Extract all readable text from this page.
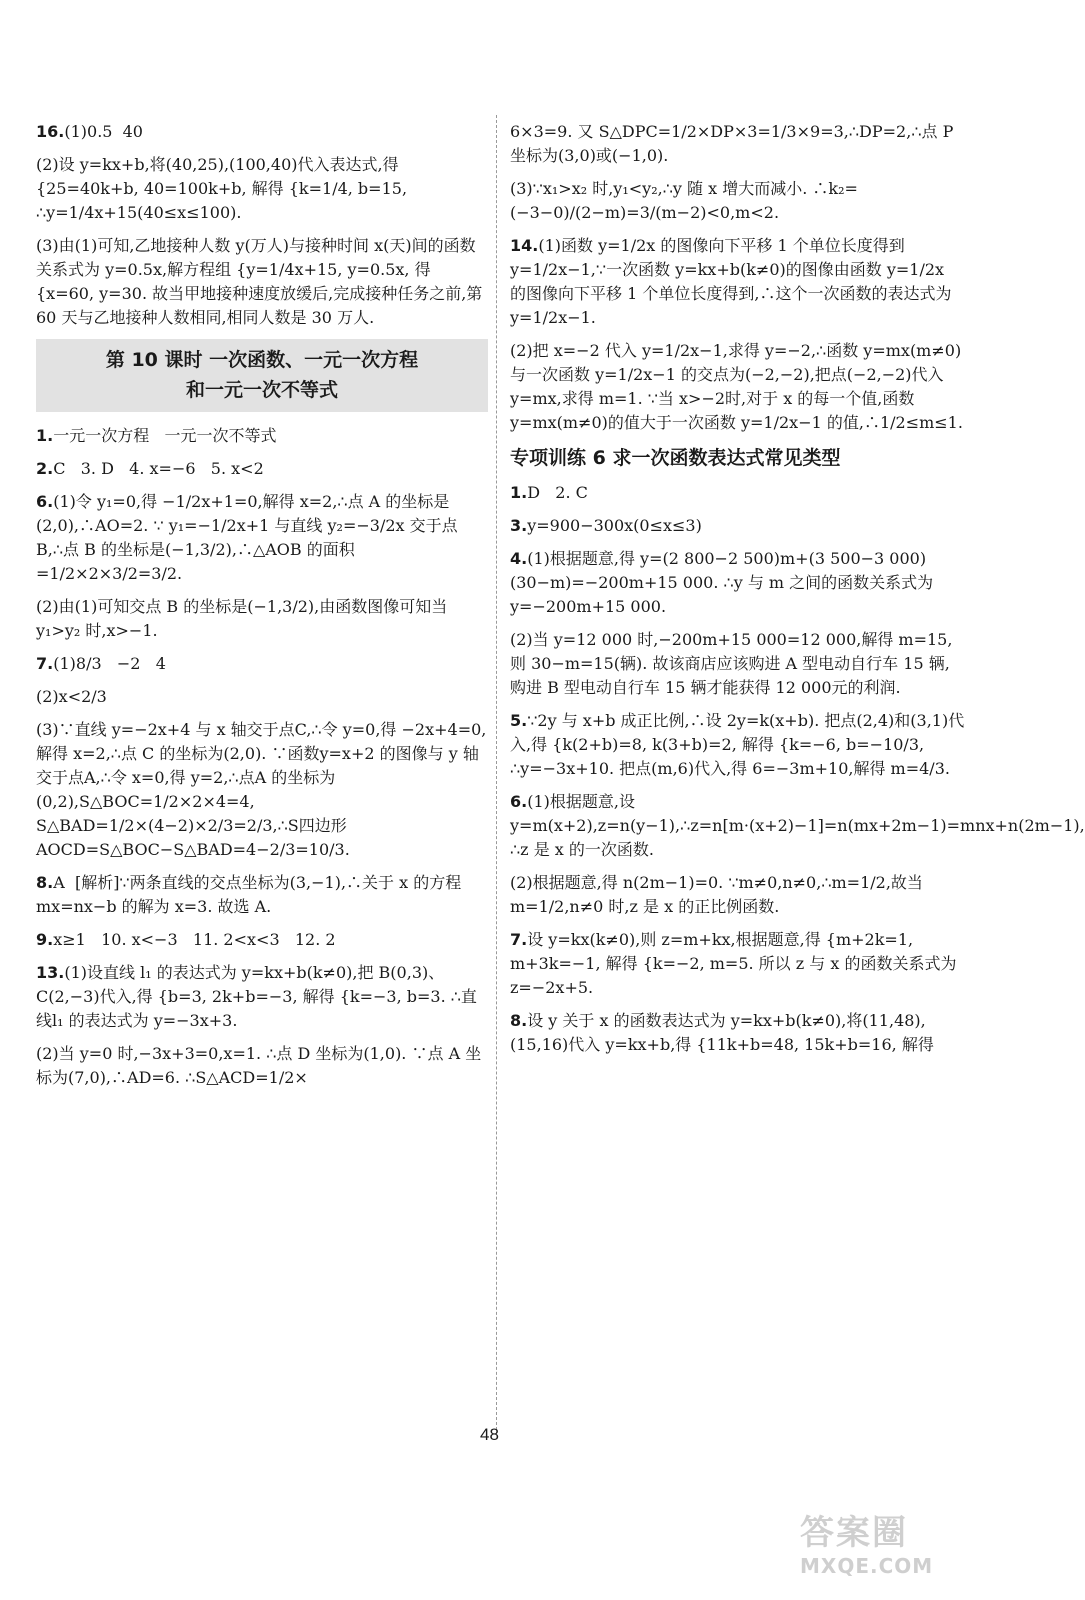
16.(1)0.5  40

(2)设 y=kx+b,将(40,25),(100,40)代入表达式,得 {25=40k+b, 40=100k+b, 解得 {k=1/4, b=15, ∴y=1/4x+15(40≤x≤100).

(3)由(1)可知,乙地接种人数 y(万人)与接种时间 x(天)间的函数关系式为 y=0.5x,解方程组 {y=1/4x+15, y=0.5x, 得 {x=60, y=30. 故当甲地接种速度放缓后,完成接种任务之前,第 60 天与乙地接种人数相同,相同人数是 30 万人.

第 10 课时 一次函数、一元一次方程
和一元一次不等式

1.一元一次方程   一元一次不等式

2.C   3. D   4. x=−6   5. x<2

6.(1)令 y₁=0,得 −1/2x+1=0,解得 x=2,∴点 A 的坐标是(2,0),∴AO=2. ∵ y₁=−1/2x+1 与直线 y₂=−3/2x 交于点 B,∴点 B 的坐标是(−1,3/2),∴△AOB 的面积=1/2×2×3/2=3/2.

(2)由(1)可知交点 B 的坐标是(−1,3/2),由函数图像可知当 y₁>y₂ 时,x>−1.

7.(1)8/3   −2   4

(2)x<2/3

(3)∵直线 y=−2x+4 与 x 轴交于点C,∴令 y=0,得 −2x+4=0,解得 x=2,∴点 C 的坐标为(2,0). ∵函数y=x+2 的图像与 y 轴交于点A,∴令 x=0,得 y=2,∴点A 的坐标为(0,2),S△BOC=1/2×2×4=4, S△BAD=1/2×(4−2)×2/3=2/3,∴S四边形AOCD=S△BOC−S△BAD=4−2/3=10/3.

8.A  [解析]∵两条直线的交点坐标为(3,−1),∴关于 x 的方程 mx=nx−b 的解为 x=3. 故选 A.

9.x≥1   10. x<−3   11. 2<x<3   12. 2

13.(1)设直线 l₁ 的表达式为 y=kx+b(k≠0),把 B(0,3)、C(2,−3)代入,得 {b=3, 2k+b=−3, 解得 {k=−3, b=3. ∴直线l₁ 的表达式为 y=−3x+3.

(2)当 y=0 时,−3x+3=0,x=1. ∴点 D 坐标为(1,0). ∵点 A 坐标为(7,0),∴AD=6. ∴S△ACD=1/2×

6×3=9. 又 S△DPC=1/2×DP×3=1/3×9=3,∴DP=2,∴点 P 坐标为(3,0)或(−1,0).

(3)∵x₁>x₂ 时,y₁<y₂,∴y 随 x 增大而减小. ∴k₂=(−3−0)/(2−m)=3/(m−2)<0,m<2.

14.(1)函数 y=1/2x 的图像向下平移 1 个单位长度得到 y=1/2x−1,∵一次函数 y=kx+b(k≠0)的图像由函数 y=1/2x 的图像向下平移 1 个单位长度得到,∴这个一次函数的表达式为 y=1/2x−1.

(2)把 x=−2 代入 y=1/2x−1,求得 y=−2,∴函数 y=mx(m≠0)与一次函数 y=1/2x−1 的交点为(−2,−2),把点(−2,−2)代入 y=mx,求得 m=1. ∵当 x>−2时,对于 x 的每一个值,函数 y=mx(m≠0)的值大于一次函数 y=1/2x−1 的值,∴1/2≤m≤1.

专项训练 6 求一次函数表达式常见类型

1.D   2. C

3.y=900−300x(0≤x≤3)

4.(1)根据题意,得 y=(2 800−2 500)m+(3 500−3 000)(30−m)=−200m+15 000. ∴y 与 m 之间的函数关系式为 y=−200m+15 000.

(2)当 y=12 000 时,−200m+15 000=12 000,解得 m=15,则 30−m=15(辆). 故该商店应该购进 A 型电动自行车 15 辆,购进 B 型电动自行车 15 辆才能获得 12 000元的利润.

5.∵2y 与 x+b 成正比例,∴设 2y=k(x+b). 把点(2,4)和(3,1)代入,得 {k(2+b)=8, k(3+b)=2, 解得 {k=−6, b=−10/3, ∴y=−3x+10. 把点(m,6)代入,得 6=−3m+10,解得 m=4/3.

6.(1)根据题意,设 y=m(x+2),z=n(y−1),∴z=n[m·(x+2)−1]=n(mx+2m−1)=mnx+n(2m−1), ∴z 是 x 的一次函数.

(2)根据题意,得 n(2m−1)=0. ∵m≠0,n≠0,∴m=1/2,故当 m=1/2,n≠0 时,z 是 x 的正比例函数.

7.设 y=kx(k≠0),则 z=m+kx,根据题意,得 {m+2k=1, m+3k=−1, 解得 {k=−2, m=5. 所以 z 与 x 的函数关系式为 z=−2x+5.

8.设 y 关于 x 的函数表达式为 y=kx+b(k≠0),将(11,48),(15,16)代入 y=kx+b,得 {11k+b=48, 15k+b=16, 解得

48
答案圈
MXQE.COM
